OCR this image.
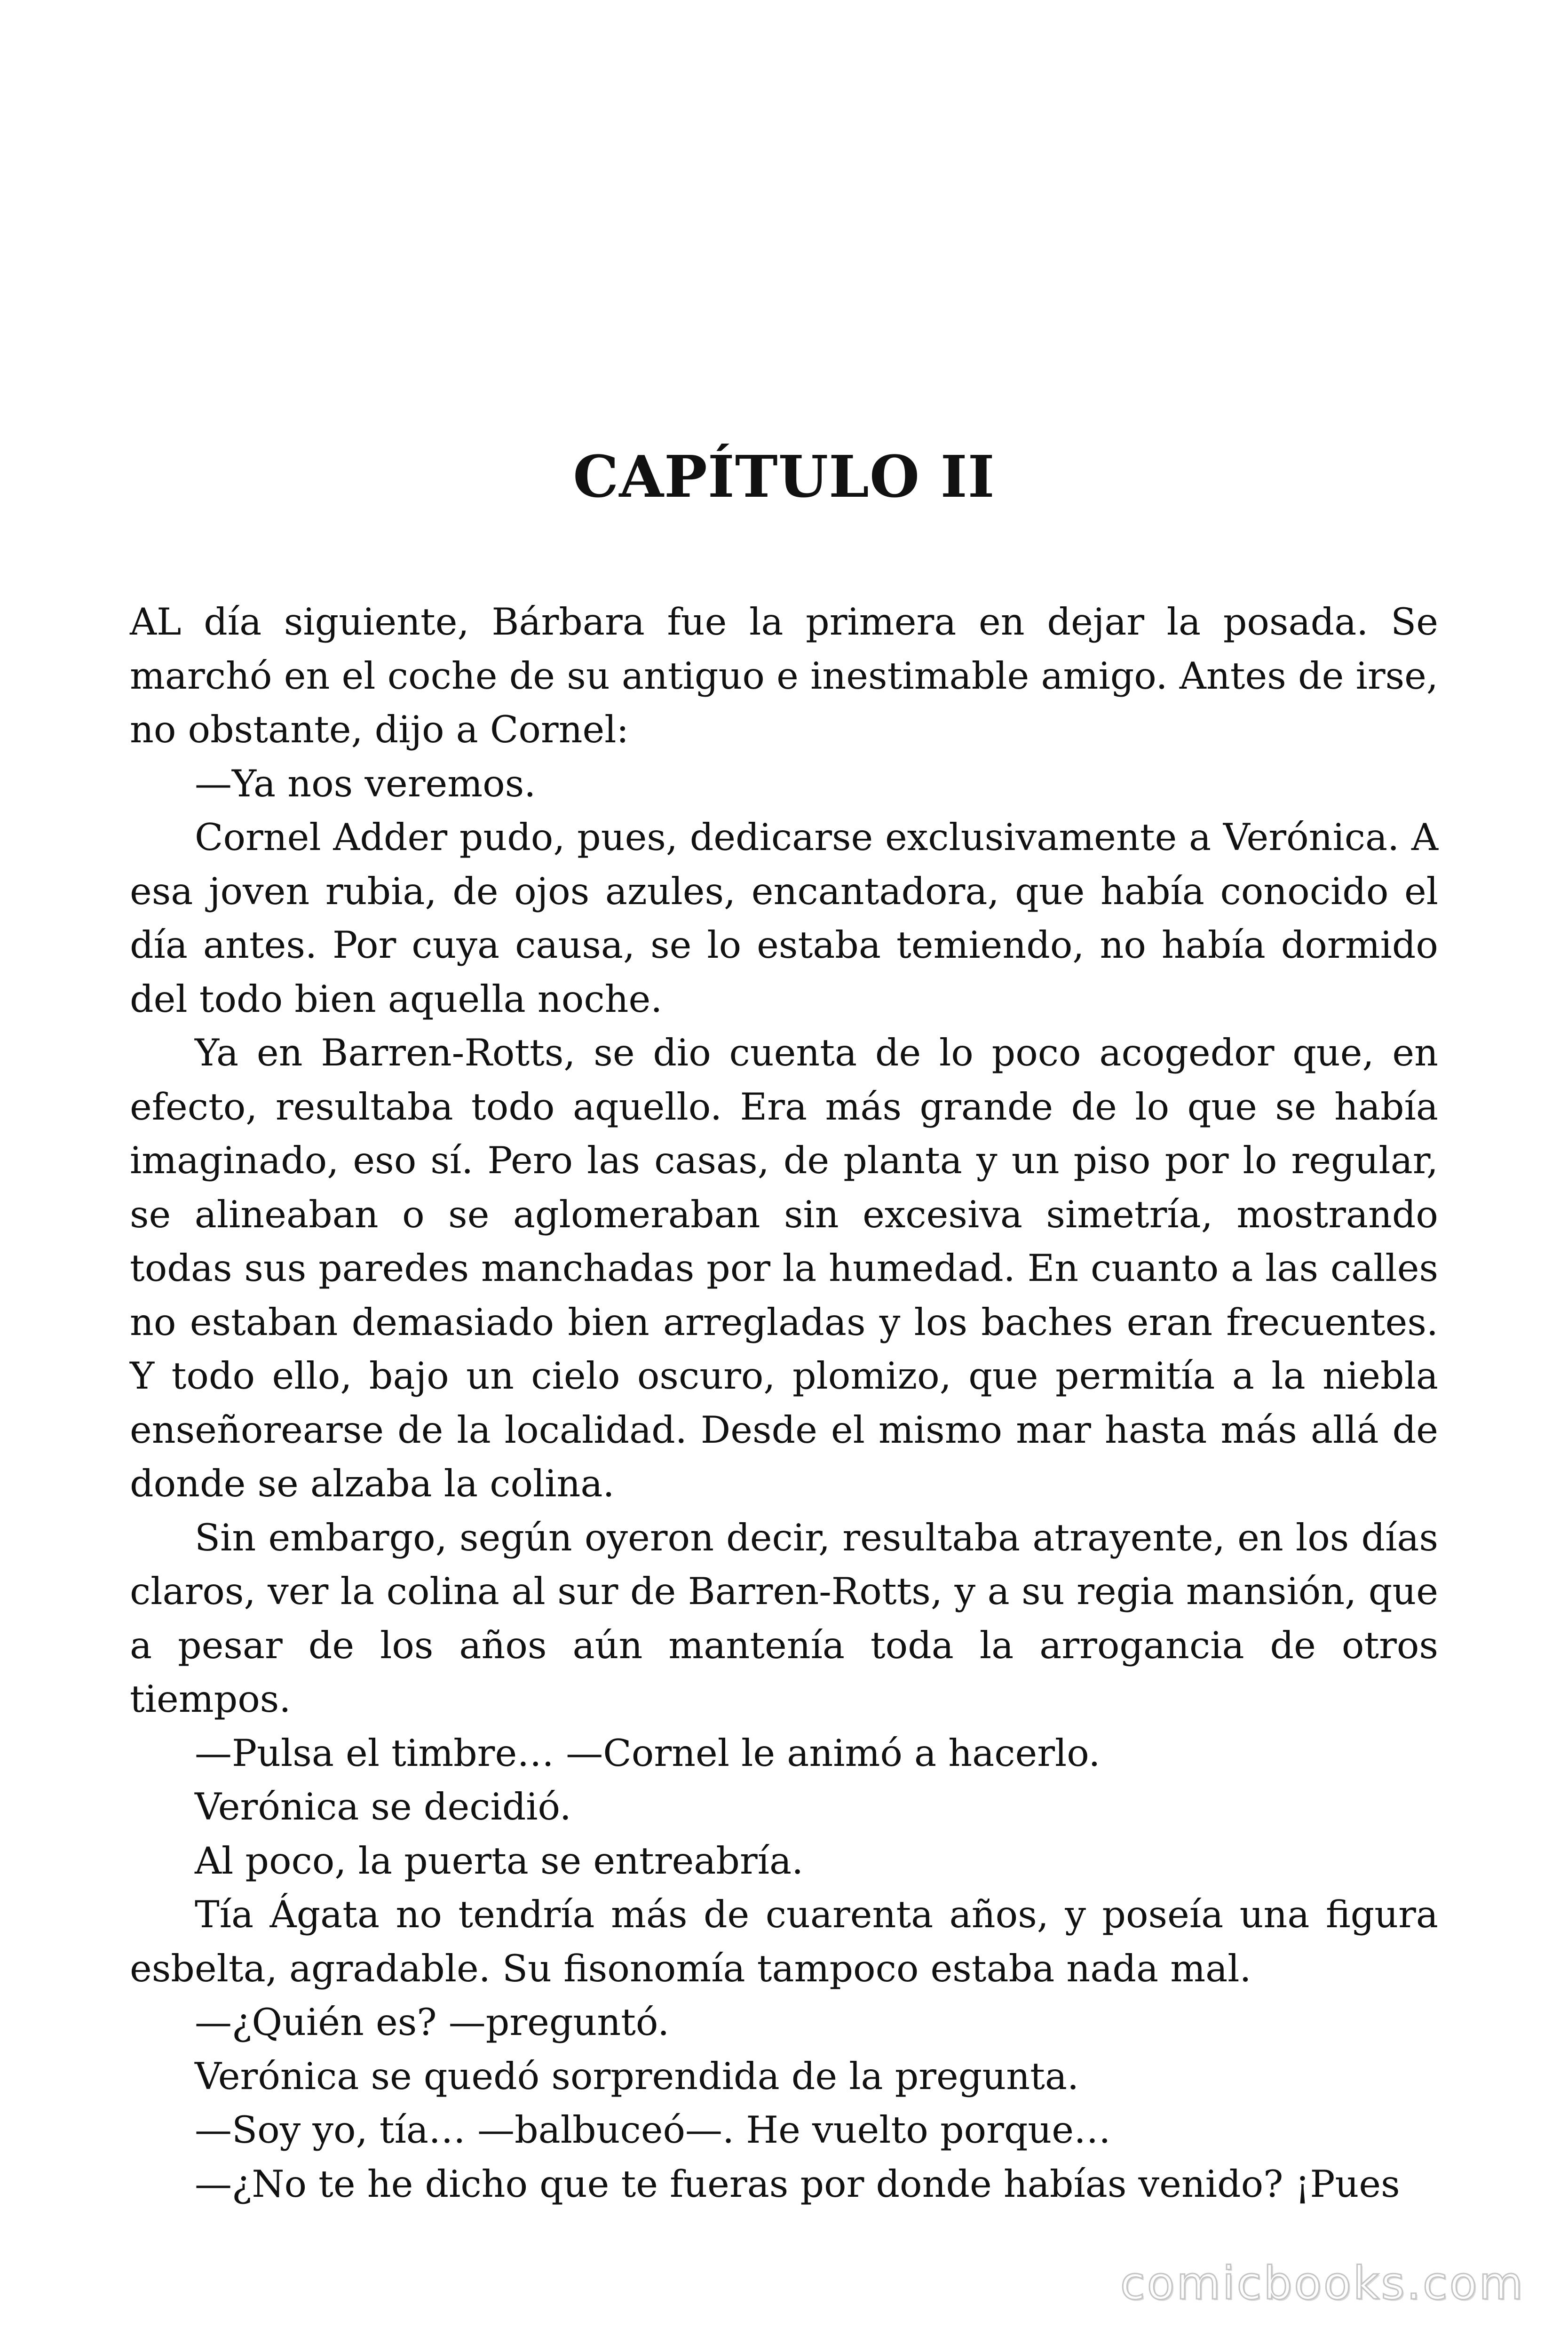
CAPÍTULO II

AL día siguiente, Bárbara fue la primera en dejar la posada. Se marchó en el coche de su antiguo e inestimable amigo. Antes de irse, no obstante, dijo a Cornel:

—Ya nos veremos.

Cornel Adder pudo, pues, dedicarse exclusivamente a Verónica. A esa joven rubia, de ojos azules, encantadora, que había conocido el día antes. Por cuya causa, se lo estaba temiendo, no había dormido del todo bien aquella noche.

Ya en Barren-Rotts, se dio cuenta de lo poco acogedor que, en efecto, resultaba todo aquello. Era más grande de lo que se había imaginado, eso sí. Pero las casas, de planta y un piso por lo regular, se alineaban o se aglomeraban sin excesiva simetría, mostrando todas sus paredes manchadas por la humedad. En cuanto a las calles no estaban demasiado bien arregladas y los baches eran frecuentes. Y todo ello, bajo un cielo oscuro, plomizo, que permitía a la niebla enseñorearse de la localidad. Desde el mismo mar hasta más allá de donde se alzaba la colina.

Sin embargo, según oyeron decir, resultaba atrayente, en los días claros, ver la colina al sur de Barren-Rotts, y a su regia mansión, que a pesar de los años aún mantenía toda la arrogancia de otros tiempos.

—Pulsa el timbre… —Cornel le animó a hacerlo.

Verónica se decidió.

Al poco, la puerta se entreabría.

Tía Ágata no tendría más de cuarenta años, y poseía una figura esbelta, agradable. Su fisonomía tampoco estaba nada mal.

—¿Quién es? —preguntó.

Verónica se quedó sorprendida de la pregunta.

—Soy yo, tía… —balbuceó—. He vuelto porque…

—¿No te he dicho que te fueras por donde habías venido? ¡Pues

comicbooks.com
